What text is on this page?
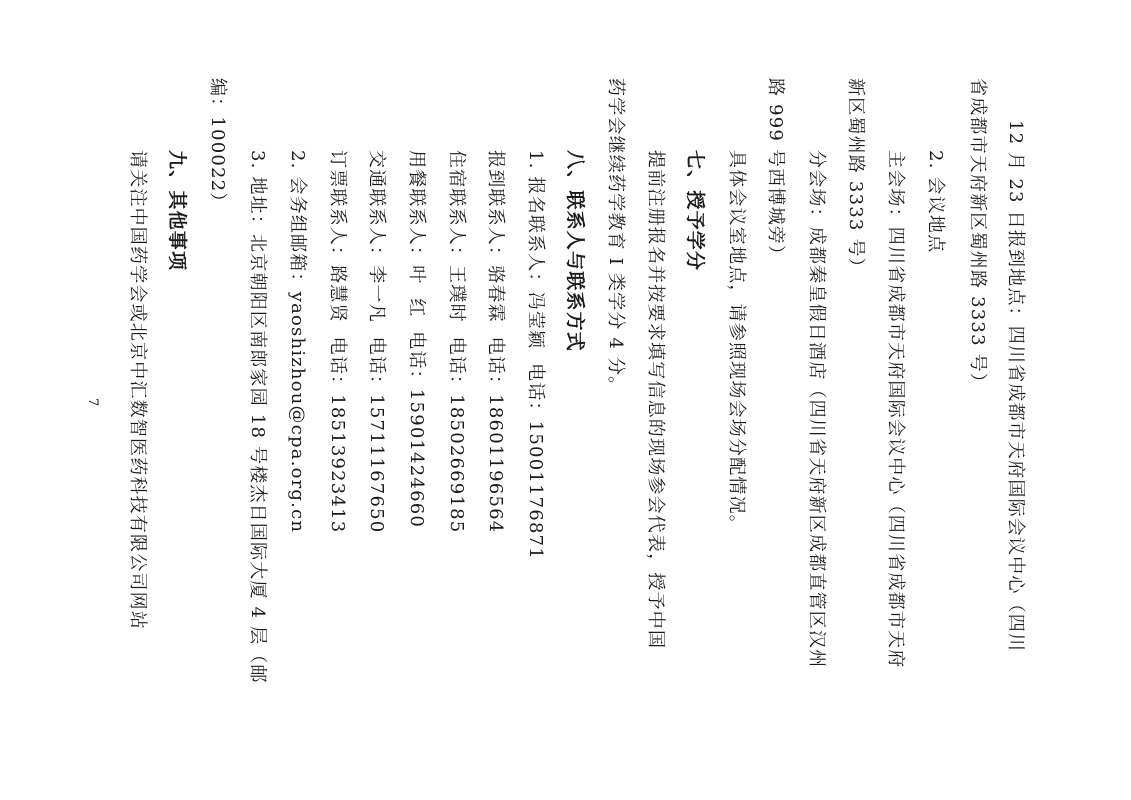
12 月 23 日报到地点：四川省成都市天府国际会议中心（四川
省成都市天府新区蜀州路 3333 号）
2. 会议地点
主会场：四川省成都市天府国际会议中心（四川省成都市天府
新区蜀州路 3333 号）
分会场：成都秦皇假日酒店（四川省天府新区成都直管区汉州
路 999 号西博城旁）
具体会议室地点，请参照现场会场分配情况。
七、授予学分
提前注册报名并按要求填写信息的现场参会代表，授予中国
药学会继续药学教育 I 类学分 4 分。
八、联系人与联系方式
1. 报名联系人：冯莹颖  电话：15001176871
报到联系人：骆春霖  电话：18601196564
住宿联系人：王璞时  电话：18502669185
用餐联系人：叶  红  电话：15901424660
交通联系人：李一凡  电话：15711167650
订票联系人：路慧贤  电话：18513923413
2. 会务组邮箱：yaoshizhou@cpa.org.cn
3. 地址：北京朝阳区南郎家园 18 号楼杰日国际大厦 4 层（邮
编：100022）
九、其他事项
请关注中国药学会或北京中汇数智医药科技有限公司网站
7
